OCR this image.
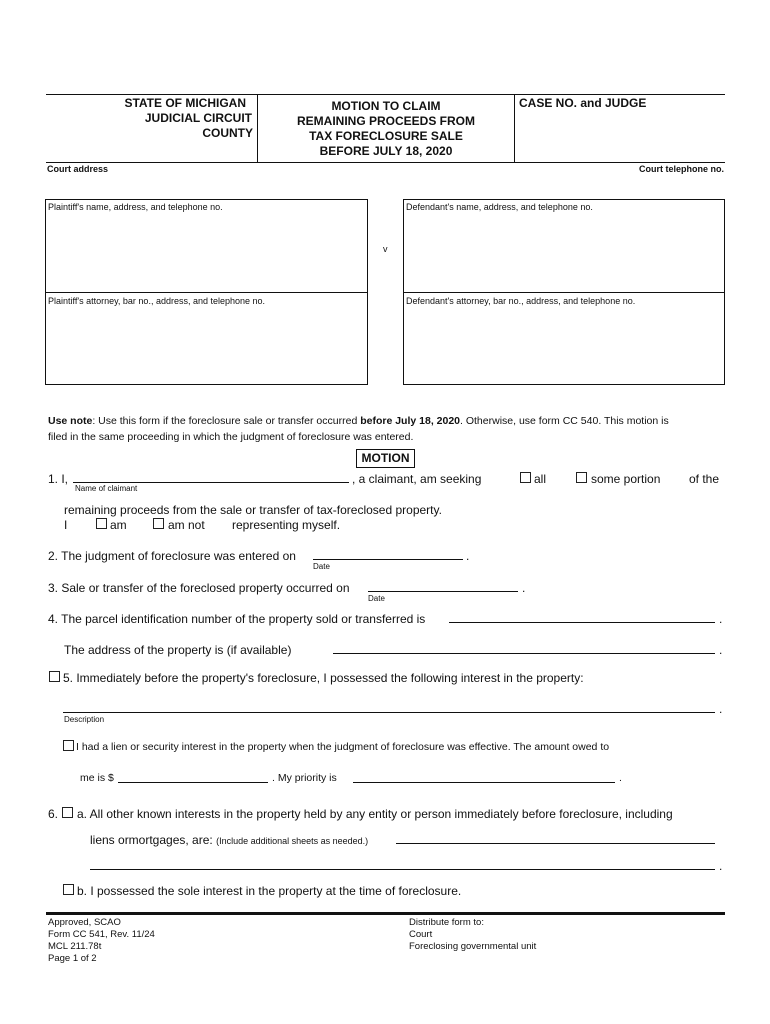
STATE OF MICHIGAN
JUDICIAL CIRCUIT
COUNTY
MOTION TO CLAIM
REMAINING PROCEEDS FROM
TAX FORECLOSURE SALE
BEFORE JULY 18, 2020
CASE NO. and JUDGE
Court address	Court telephone no.
Plaintiff's name, address, and telephone no.
Plaintiff's attorney, bar no., address, and telephone no.
v
Defendant's name, address, and telephone no.
Defendant's attorney, bar no., address, and telephone no.
Use note: Use this form if the foreclosure sale or transfer occurred before July 18, 2020. Otherwise, use form CC 540. This motion is
filed in the same proceeding in which the judgment of foreclosure was entered.
MOTION
1. I,
Name of claimant
, a claimant, am seeking	all	some portion of the
remaining proceeds from the sale or transfer of tax-foreclosed property.
I	am	am not representing myself.
2. The judgment of foreclosure was entered on	.
Date
3. Sale or transfer of the foreclosed property occurred on	.
Date
4. The parcel identification number of the property sold or transferred is	.
The address of the property is (if available)	.
5. Immediately before the property's foreclosure, I possessed the following interest in the property:
.
Description
I had a lien or security interest in the property when the judgment of foreclosure was effective. The amount owed to
me is $	. My priority is	.
6. a. All other known interests in the property held by any entity or person immediately before foreclosure, including
liens ormortgages, are: (Include additional sheets as needed.)
.
b. I possessed the sole interest in the property at the time of foreclosure.
Approved, SCAO
Form CC 541, Rev. 11/24
MCL 211.78t
Page 1 of 2
Distribute form to:
Court
Foreclosing governmental unit
